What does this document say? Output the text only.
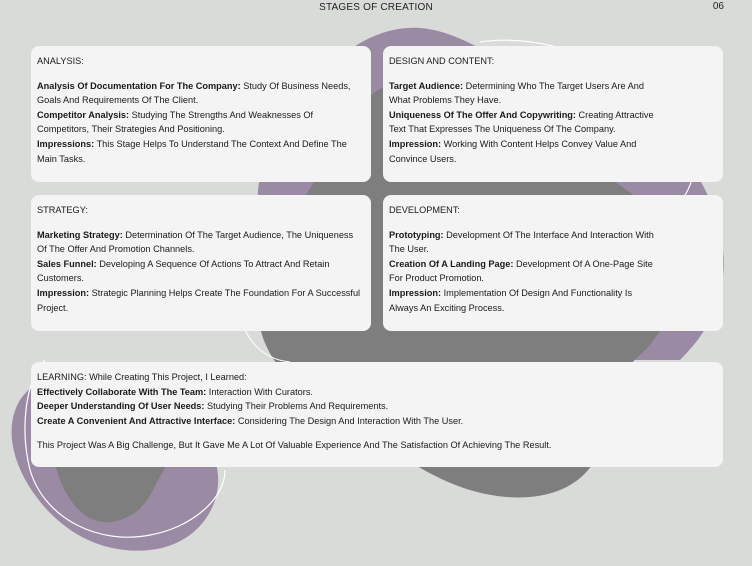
STAGES OF CREATION	06
ANALYSIS:

Analysis Of Documentation For The Company: Study Of Business Needs, Goals And Requirements Of The Client.

Competitor Analysis: Studying The Strengths And Weaknesses Of Competitors, Their Strategies And Positioning.

Impressions: This Stage Helps To Understand The Context And Define The Main Tasks.

DESIGN AND CONTENT:

Target Audience: Determining Who The Target Users Are And What Problems They Have.

Uniqueness Of The Offer And Copywriting: Creating Attractive Text That Expresses The Uniqueness Of The Company.

Impression: Working With Content Helps Convey Value And Convince Users.

STRATEGY:

Marketing Strategy: Determination Of The Target Audience, The Uniqueness Of The Offer And Promotion Channels.

Sales Funnel: Developing A Sequence Of Actions To Attract And Retain Customers.

Impression: Strategic Planning Helps Create The Foundation For A Successful Project.

DEVELOPMENT:

Prototyping: Development Of The Interface And Interaction With The User.

Creation Of A Landing Page: Development Of A One-Page Site For Product Promotion.

Impression: Implementation Of Design And Functionality Is Always An Exciting Process.

LEARNING: While Creating This Project, I Learned:

Effectively Collaborate With The Team: Interaction With Curators.

Deeper Understanding Of User Needs: Studying Their Problems And Requirements.

Create A Convenient And Attractive Interface: Considering The Design And Interaction With The User.

This Project Was A Big Challenge, But It Gave Me A Lot Of Valuable Experience And The Satisfaction Of Achieving The Result.
